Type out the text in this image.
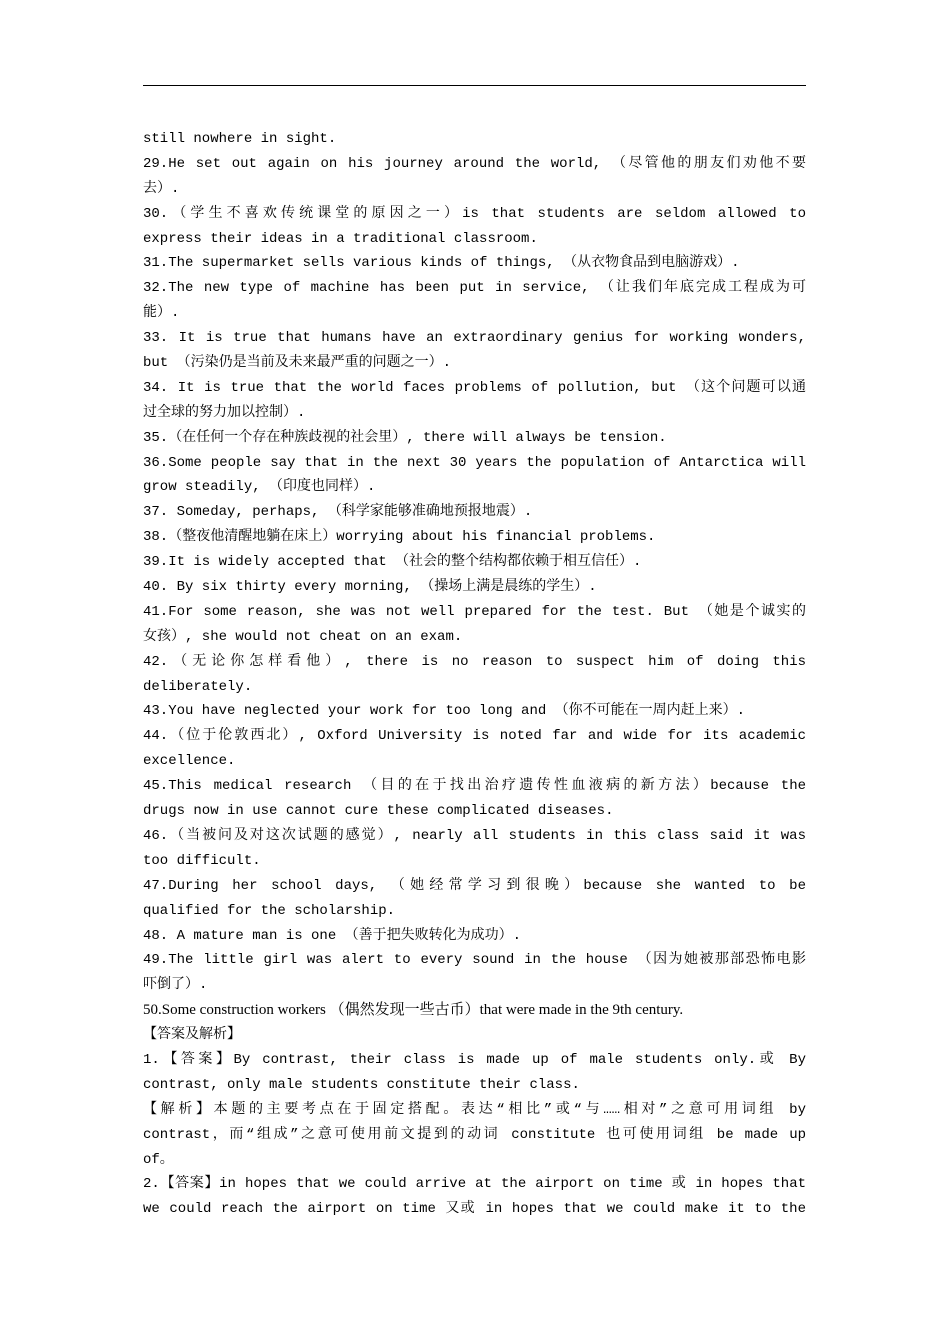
still nowhere in sight.
29.He set out again on his journey around the world, （尽管他的朋友们劝他不要
去）.
30.（学生不喜欢传统课堂的原因之一）is that students are seldom allowed to
express their ideas in a traditional classroom.
31.The supermarket sells various kinds of things, （从衣物食品到电脑游戏）.
32.The new type of machine has been put in service, （让我们年底完成工程成为可
能）.
33. It is true that humans have an extraordinary genius for working wonders,
but （污染仍是当前及未来最严重的问题之一）.
34. It is true that the world faces problems of pollution, but （这个问题可以通
过全球的努力加以控制）.
35.（在任何一个存在种族歧视的社会里）, there will always be tension.
36.Some people say that in the next 30 years the population of Antarctica will
grow steadily, （印度也同样）.
37. Someday, perhaps, （科学家能够准确地预报地震）.
38.（整夜他清醒地躺在床上）worrying about his financial problems.
39.It is widely accepted that （社会的整个结构都依赖于相互信任）.
40. By six thirty every morning, （操场上满是晨练的学生）.
41.For some reason, she was not well prepared for the test. But （她是个诚实的
女孩）, she would not cheat on an exam.
42.（无论你怎样看他）, there is no reason to suspect him of doing this
deliberately.
43.You have neglected your work for too long and （你不可能在一周内赶上来）.
44.（位于伦敦西北）, Oxford University is noted far and wide for its academic
excellence.
45.This medical research （目的在于找出治疗遗传性血液病的新方法）because the
drugs now in use cannot cure these complicated diseases.
46.（当被问及对这次试题的感觉）, nearly all students in this class said it was
too difficult.
47.During her school days, （她经常学习到很晚）because she wanted to be
qualified for the scholarship.
48. A mature man is one （善于把失败转化为成功）.
49.The little girl was alert to every sound in the house （因为她被那部恐怖电影
吓倒了）.
50.Some construction workers （偶然发现一些古币）that were made in the 9th century.
【答案及解析】
1.【答案】By contrast, their class is made up of male students only.或 By
contrast, only male students constitute their class.
【解析】本题的主要考点在于固定搭配。表达“相比”或“与……相对”之意可用词组 by
contrast，而“组成”之意可使用前文提到的动词 constitute 也可使用词组 be made up
of。
2.【答案】in hopes that we could arrive at the airport on time 或 in hopes that
we could reach the airport on time 又或 in hopes that we could make it to the
